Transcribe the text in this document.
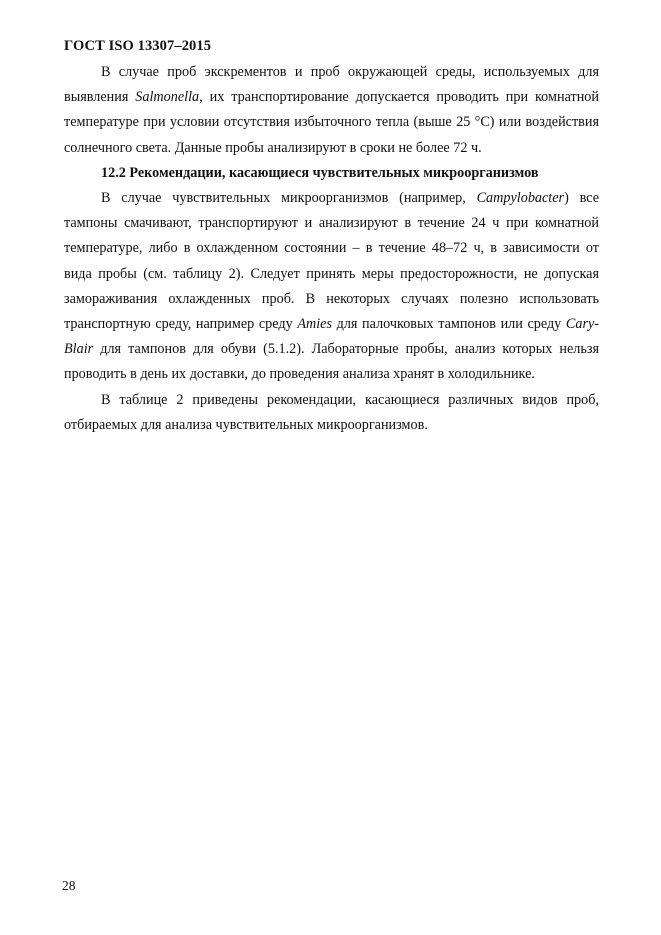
ГОСТ ISO 13307–2015

В случае проб экскрементов и проб окружающей среды, используемых для выявления Salmonella, их транспортирование допускается проводить при комнатной температуре при условии отсутствия избыточного тепла (выше 25 °С) или воздействия солнечного света. Данные пробы анализируют в сроки не более 72 ч.

12.2 Рекомендации, касающиеся чувствительных микроорганизмов

В случае чувствительных микроорганизмов (например, Campylobacter) все тампоны смачивают, транспортируют и анализируют в течение 24 ч при комнатной температуре, либо в охлажденном состоянии – в течение 48–72 ч, в зависимости от вида пробы (см. таблицу 2). Следует принять меры предосторожности, не допуская замораживания охлажденных проб. В некоторых случаях полезно использовать транспортную среду, например среду Amies для палочковых тампонов или среду Cary-Blair для тампонов для обуви (5.1.2). Лабораторные пробы, анализ которых нельзя проводить в день их доставки, до проведения анализа хранят в холодильнике.

В таблице 2 приведены рекомендации, касающиеся различных видов проб, отбираемых для анализа чувствительных микроорганизмов.

28
